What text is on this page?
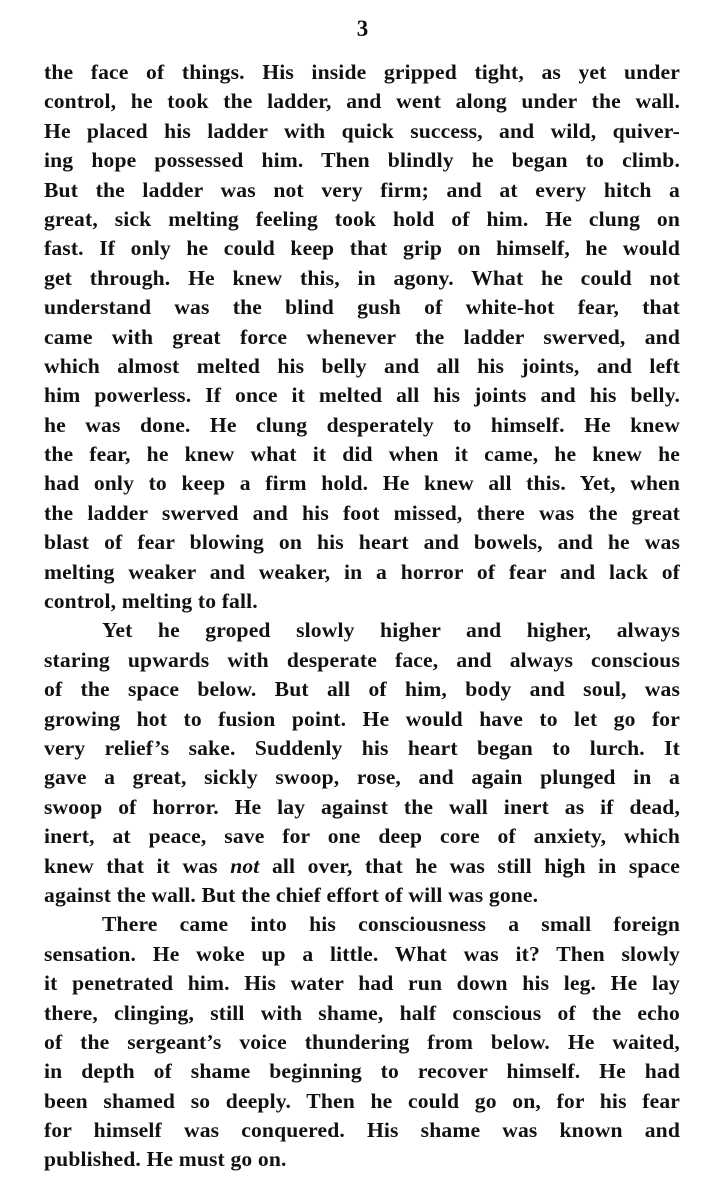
3
the face of things. His inside gripped tight, as yet under
control, he took the ladder, and went along under the wall.
He placed his ladder with quick success, and wild, quiver-
ing hope possessed him. Then blindly he began to climb.
But the ladder was not very firm; and at every hitch a
great, sick melting feeling took hold of him. He clung on
fast. If only he could keep that grip on himself, he would
get through. He knew this, in agony. What he could not
understand was the blind gush of white-hot fear, that
came with great force whenever the ladder swerved, and
which almost melted his belly and all his joints, and left
him powerless. If once it melted all his joints and his belly.
he was done. He clung desperately to himself. He knew
the fear, he knew what it did when it came, he knew he
had only to keep a firm hold. He knew all this. Yet, when
the ladder swerved and his foot missed, there was the great
blast of fear blowing on his heart and bowels, and he was
melting weaker and weaker, in a horror of fear and lack of
control, melting to fall.
Yet he groped slowly higher and higher, always
staring upwards with desperate face, and always conscious
of the space below. But all of him, body and soul, was
growing hot to fusion point. He would have to let go for
very relief’s sake. Suddenly his heart began to lurch. It
gave a great, sickly swoop, rose, and again plunged in a
swoop of horror. He lay against the wall inert as if dead,
inert, at peace, save for one deep core of anxiety, which
knew that it was not all over, that he was still high in space
against the wall. But the chief effort of will was gone.
There came into his consciousness a small foreign
sensation. He woke up a little. What was it? Then slowly
it penetrated him. His water had run down his leg. He lay
there, clinging, still with shame, half conscious of the echo
of the sergeant’s voice thundering from below. He waited,
in depth of shame beginning to recover himself. He had
been shamed so deeply. Then he could go on, for his fear
for himself was conquered. His shame was known and
published. He must go on.
